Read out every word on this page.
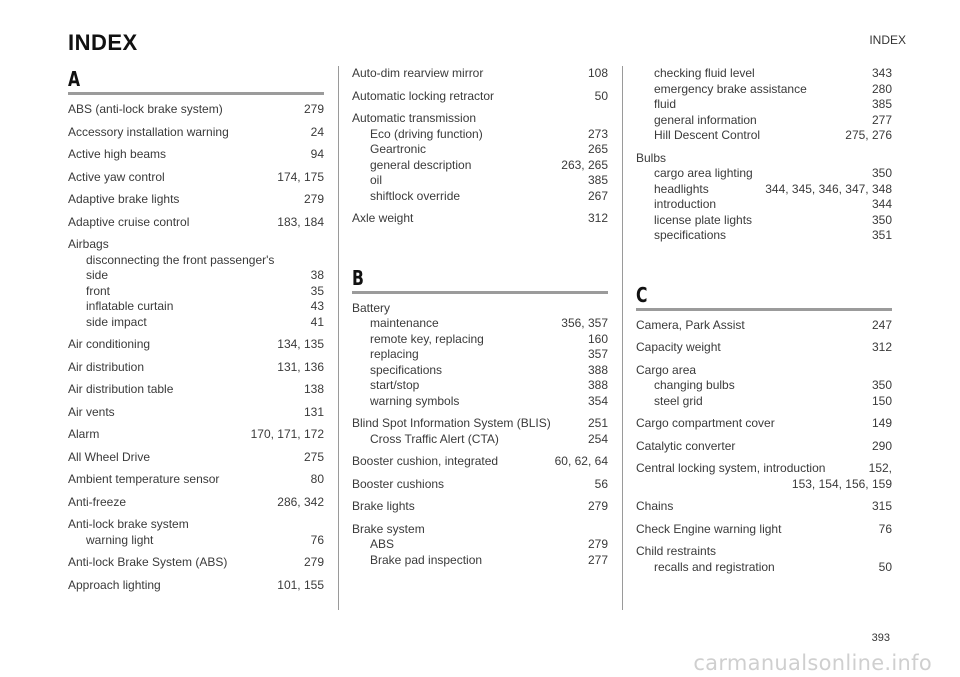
INDEX
INDEX
A
ABS (anti-lock brake system)	279
Accessory installation warning	24
Active high beams	94
Active yaw control	174, 175
Adaptive brake lights	279
Adaptive cruise control	183, 184
Airbags
disconnecting the front passenger's
side	38
front	35
inflatable curtain	43
side impact	41
Air conditioning	134, 135
Air distribution	131, 136
Air distribution table	138
Air vents	131
Alarm	170, 171, 172
All Wheel Drive	275
Ambient temperature sensor	80
Anti-freeze	286, 342
Anti-lock brake system
warning light	76
Anti-lock Brake System (ABS)	279
Approach lighting	101, 155
Auto-dim rearview mirror	108
Automatic locking retractor	50
Automatic transmission
Eco (driving function)	273
Geartronic	265
general description	263, 265
oil	385
shiftlock override	267
Axle weight	312
B
Battery
maintenance	356, 357
remote key, replacing	160
replacing	357
specifications	388
start/stop	388
warning symbols	354
Blind Spot Information System (BLIS)	251
Cross Traffic Alert (CTA)	254
Booster cushion, integrated	60, 62, 64
Booster cushions	56
Brake lights	279
Brake system
ABS	279
Brake pad inspection	277
checking fluid level	343
emergency brake assistance	280
fluid	385
general information	277
Hill Descent Control	275, 276
Bulbs
cargo area lighting	350
headlights	344, 345, 346, 347, 348
introduction	344
license plate lights	350
specifications	351
C
Camera, Park Assist	247
Capacity weight	312
Cargo area
changing bulbs	350
steel grid	150
Cargo compartment cover	149
Catalytic converter	290
Central locking system, introduction	152,
153, 154, 156, 159
Chains	315
Check Engine warning light	76
Child restraints
recalls and registration	50
393
carmanualsonline.info
